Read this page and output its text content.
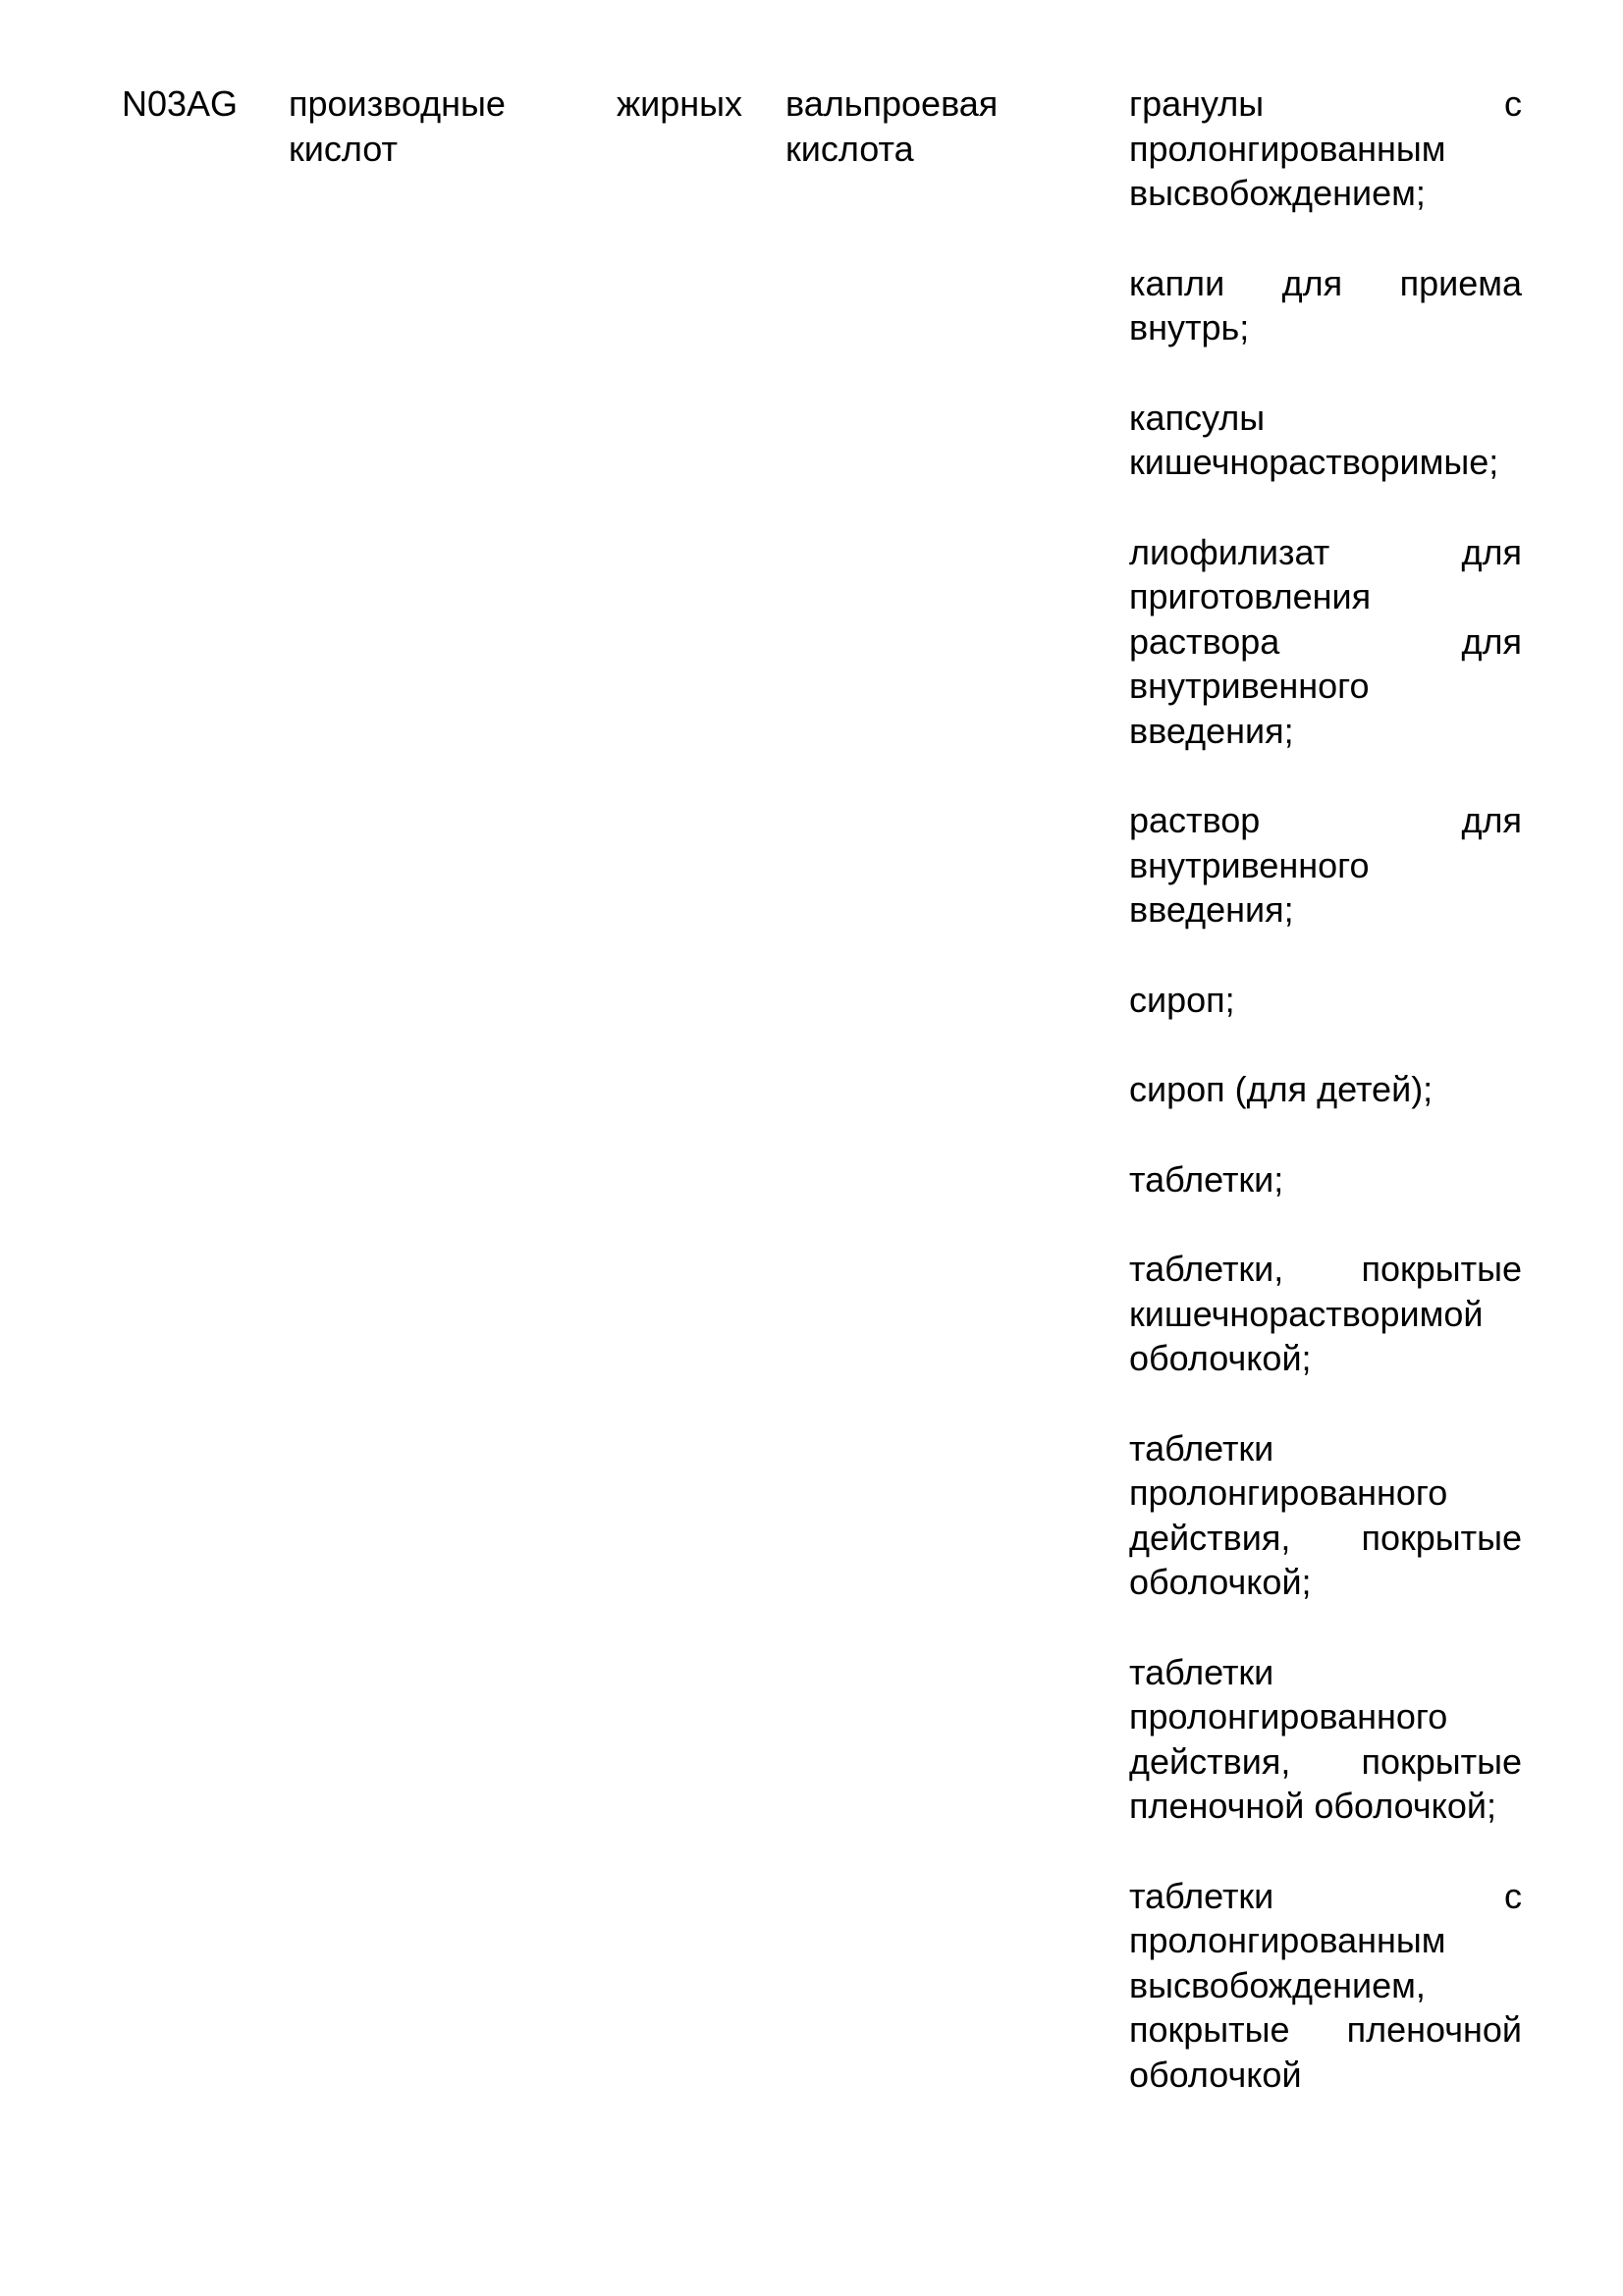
N03AG	производные жирных кислот
вальпроевая кислота

гранулы с пролонгированным высвобождением;

капли для приема внутрь;

капсулы кишечнорастворимые;

лиофилизат для приготовления раствора для внутривенного введения;

раствор для внутривенного введения;

сироп;

сироп (для детей);

таблетки;

таблетки, покрытые кишечнорастворимой оболочкой;

таблетки пролонгированного действия, покрытые оболочкой;

таблетки пролонгированного действия, покрытые пленочной оболочкой;

таблетки с пролонгированным высвобождением, покрытые пленочной оболочкой
